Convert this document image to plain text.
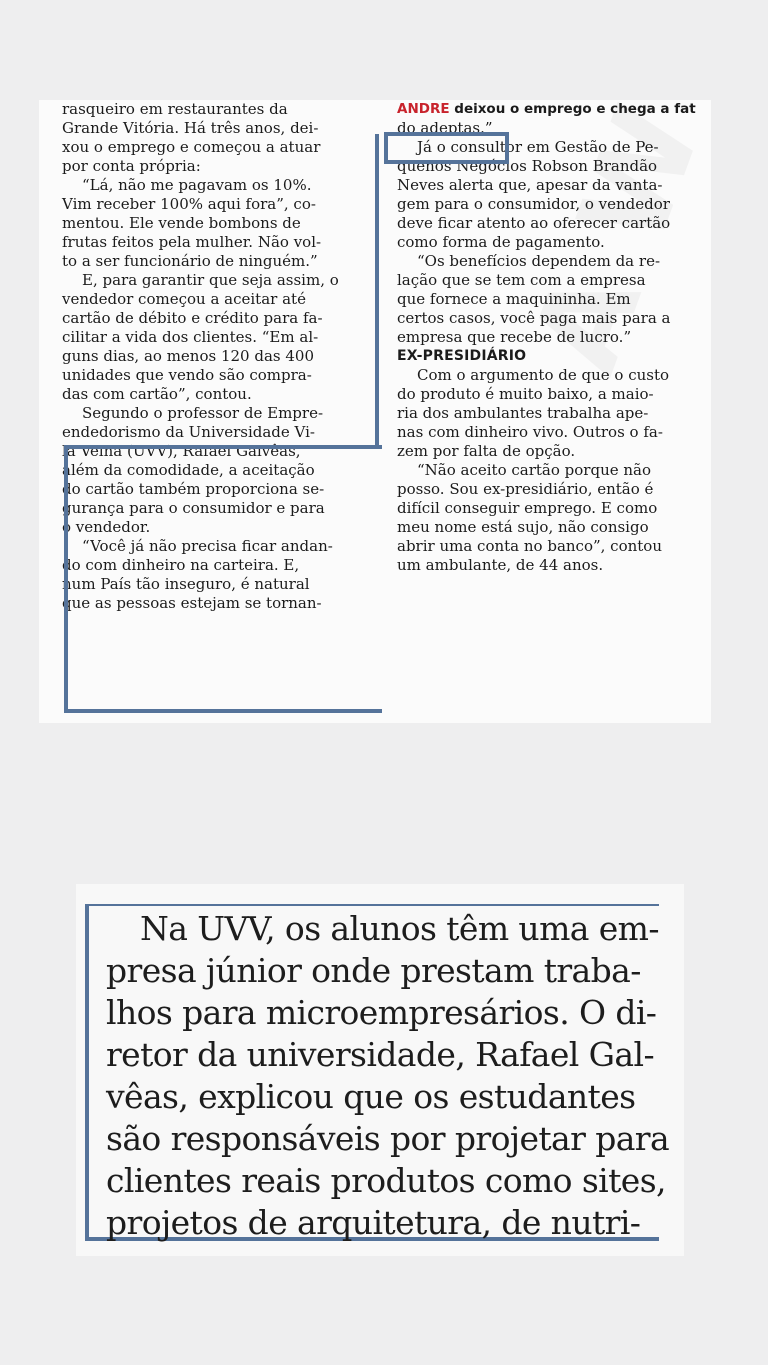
rasqueiro em restaurantes da
Grande Vitória. Há três anos, dei-
xou o emprego e começou a atuar
por conta própria:
“Lá, não me pagavam os 10%.
Vim receber 100% aqui fora”, co-
mentou. Ele vende bombons de
frutas feitos pela mulher. Não vol-
to a ser funcionário de ninguém.”
E, para garantir que seja assim, o
vendedor começou a aceitar até
cartão de débito e crédito para fa-
cilitar a vida dos clientes. “Em al-
guns dias, ao menos 120 das 400
unidades que vendo são compra-
das com cartão”, contou.
Segundo o professor de Empre-
endedorismo da Universidade Vi-
la Velha (UVV), Rafael Galvêas,
além da comodidade, a aceitação
do cartão também proporciona se-
gurança para o consumidor e para
o vendedor.
“Você já não precisa ficar andan-
do com dinheiro na carteira. E,
num País tão inseguro, é natural
que as pessoas estejam se tornan-
ANDRE deixou o emprego e chega a fat
do adeptas.”
Já o consultor em Gestão de Pe-
quenos Negócios Robson Brandão
Neves alerta que, apesar da vanta-
gem para o consumidor, o vendedor
deve ficar atento ao oferecer cartão
como forma de pagamento.
“Os benefícios dependem da re-
lação que se tem com a empresa
que fornece a maquininha. Em
certos casos, você paga mais para a
empresa que recebe de lucro.”
EX-PRESIDIÁRIO
Com o argumento de que o custo
do produto é muito baixo, a maio-
ria dos ambulantes trabalha ape-
nas com dinheiro vivo. Outros o fa-
zem por falta de opção.
“Não aceito cartão porque não
posso. Sou ex-presidiário, então é
difícil conseguir emprego. E como
meu nome está sujo, não consigo
abrir uma conta no banco”, contou
um ambulante, de 44 anos.
Na UVV, os alunos têm uma em-
presa júnior onde prestam traba-
lhos para microempresários. O di-
retor da universidade, Rafael Gal-
vêas, explicou que os estudantes
são responsáveis por projetar para
clientes reais produtos como sites,
projetos de arquitetura, de nutri-
